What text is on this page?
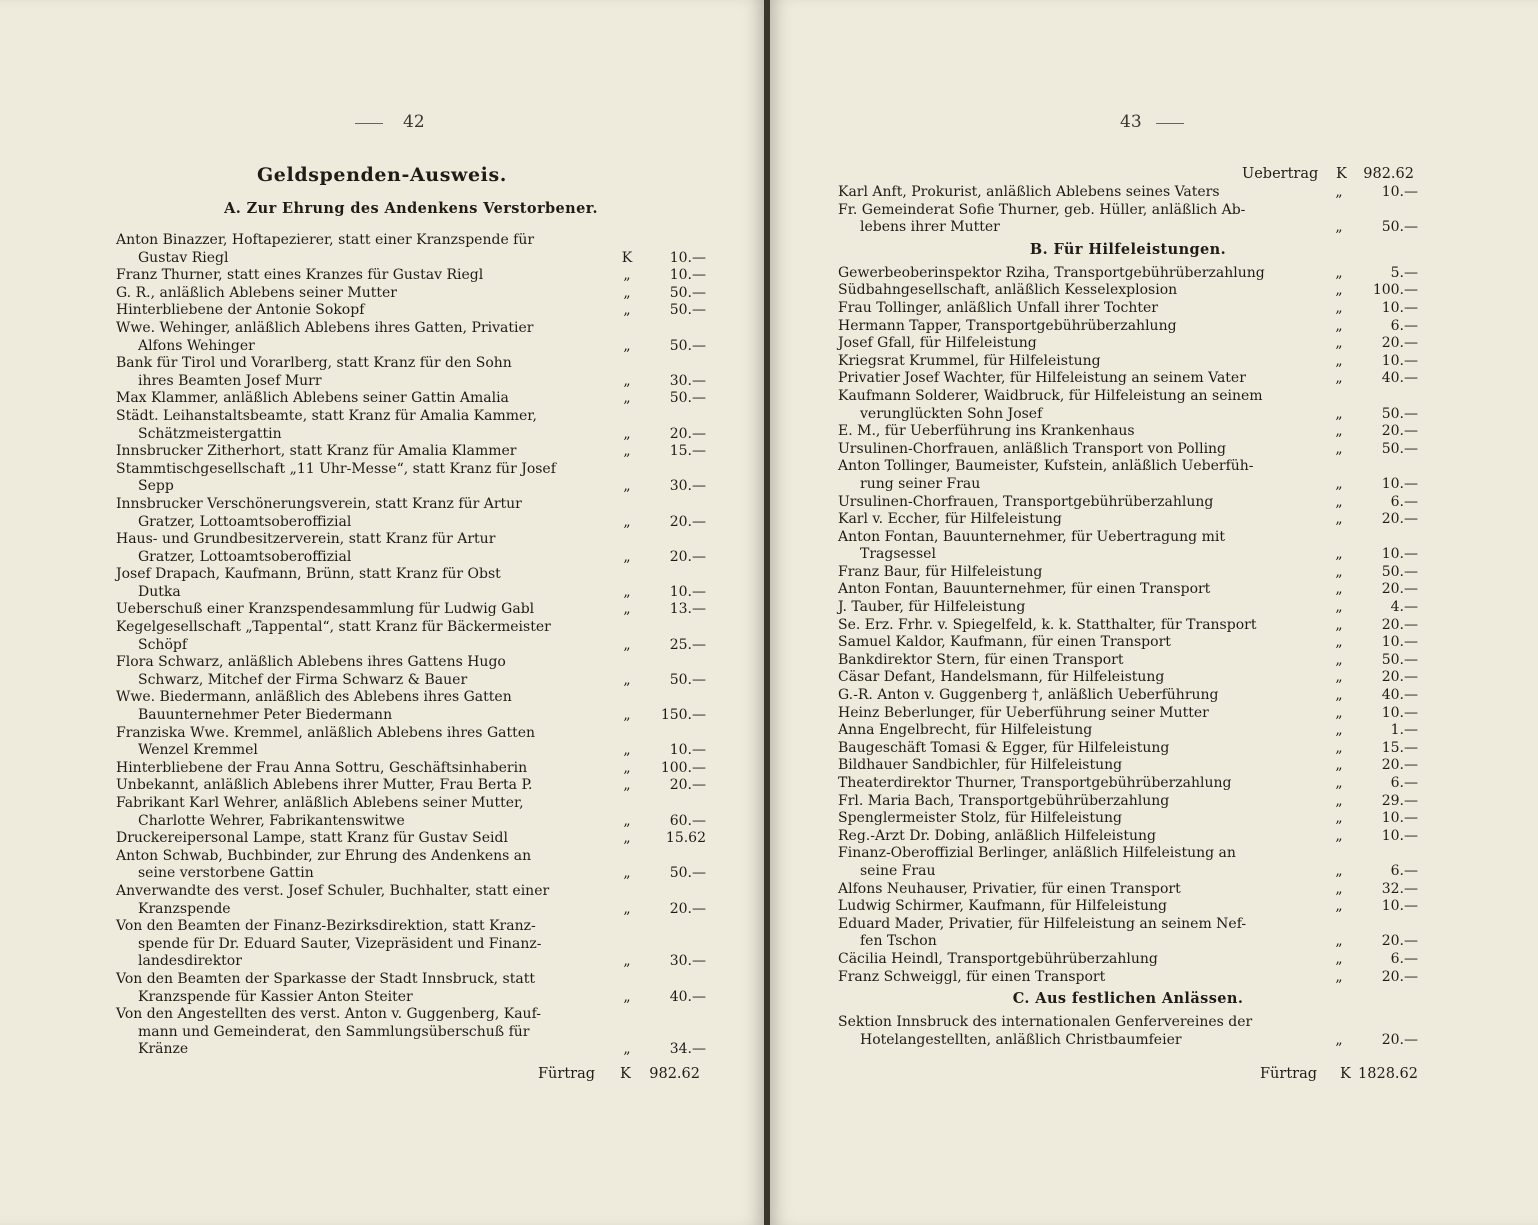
42
Geldspenden-Ausweis.
A. Zur Ehrung des Andenkens Verstorbener.
Anton Binazzer, Hoftapezierer, statt einer Kranzspende für
Gustav Riegl	K	10.—
Franz Thurner, statt eines Kranzes für Gustav Riegl	„	10.—
G. R., anläßlich Ablebens seiner Mutter	„	50.—
Hinterbliebene der Antonie Sokopf	„	50.—
Wwe. Wehinger, anläßlich Ablebens ihres Gatten, Privatier
Alfons Wehinger	„	50.—
Bank für Tirol und Vorarlberg, statt Kranz für den Sohn
ihres Beamten Josef Murr	„	30.—
Max Klammer, anläßlich Ablebens seiner Gattin Amalia	„	50.—
Städt. Leihanstaltsbeamte, statt Kranz für Amalia Kammer,
Schätzmeistergattin	„	20.—
Innsbrucker Zitherhort, statt Kranz für Amalia Klammer	„	15.—
Stammtischgesellschaft „11 Uhr-Messe“, statt Kranz für Josef
Sepp	„	30.—
Innsbrucker Verschönerungsverein, statt Kranz für Artur
Gratzer, Lottoamtsoberoffizial	„	20.—
Haus- und Grundbesitzerverein, statt Kranz für Artur
Gratzer, Lottoamtsoberoffizial	„	20.—
Josef Drapach, Kaufmann, Brünn, statt Kranz für Obst
Dutka	„	10.—
Ueberschuß einer Kranzspendesammlung für Ludwig Gabl	„	13.—
Kegelgesellschaft „Tappental“, statt Kranz für Bäckermeister
Schöpf	„	25.—
Flora Schwarz, anläßlich Ablebens ihres Gattens Hugo
Schwarz, Mitchef der Firma Schwarz & Bauer	„	50.—
Wwe. Biedermann, anläßlich des Ablebens ihres Gatten
Bauunternehmer Peter Biedermann	„	150.—
Franziska Wwe. Kremmel, anläßlich Ablebens ihres Gatten
Wenzel Kremmel	„	10.—
Hinterbliebene der Frau Anna Sottru, Geschäftsinhaberin	„	100.—
Unbekannt, anläßlich Ablebens ihrer Mutter, Frau Berta P.	„	20.—
Fabrikant Karl Wehrer, anläßlich Ablebens seiner Mutter,
Charlotte Wehrer, Fabrikantenswitwe	„	60.—
Druckereipersonal Lampe, statt Kranz für Gustav Seidl	„	15.62
Anton Schwab, Buchbinder, zur Ehrung des Andenkens an
seine verstorbene Gattin	„	50.—
Anverwandte des verst. Josef Schuler, Buchhalter, statt einer
Kranzspende	„	20.—
Von den Beamten der Finanz-Bezirksdirektion, statt Kranz-
spende für Dr. Eduard Sauter, Vizepräsident und Finanz-
landesdirektor	„	30.—
Von den Beamten der Sparkasse der Stadt Innsbruck, statt
Kranzspende für Kassier Anton Steiter	„	40.—
Von den Angestellten des verst. Anton v. Guggenberg, Kauf-
mann und Gemeinderat, den Sammlungsüberschuß für
Kränze	„	34.—
Fürtrag K 982.62
43
Uebertrag K 982.62
Karl Anft, Prokurist, anläßlich Ablebens seines Vaters	„	10.—
Fr. Gemeinderat Sofie Thurner, geb. Hüller, anläßlich Ab-
lebens ihrer Mutter	„	50.—
B. Für Hilfeleistungen.
Gewerbeoberinspektor Rziha, Transportgebührüberzahlung	„	5.—
Südbahngesellschaft, anläßlich Kesselexplosion	„	100.—
Frau Tollinger, anläßlich Unfall ihrer Tochter	„	10.—
Hermann Tapper, Transportgebührüberzahlung	„	6.—
Josef Gfall, für Hilfeleistung	„	20.—
Kriegsrat Krummel, für Hilfeleistung	„	10.—
Privatier Josef Wachter, für Hilfeleistung an seinem Vater	„	40.—
Kaufmann Solderer, Waidbruck, für Hilfeleistung an seinem
verunglückten Sohn Josef	„	50.—
E. M., für Ueberführung ins Krankenhaus	„	20.—
Ursulinen-Chorfrauen, anläßlich Transport von Polling	„	50.—
Anton Tollinger, Baumeister, Kufstein, anläßlich Ueberfüh-
rung seiner Frau	„	10.—
Ursulinen-Chorfrauen, Transportgebührüberzahlung	„	6.—
Karl v. Eccher, für Hilfeleistung	„	20.—
Anton Fontan, Bauunternehmer, für Uebertragung mit
Tragsessel	„	10.—
Franz Baur, für Hilfeleistung	„	50.—
Anton Fontan, Bauunternehmer, für einen Transport	„	20.—
J. Tauber, für Hilfeleistung	„	4.—
Se. Erz. Frhr. v. Spiegelfeld, k. k. Statthalter, für Transport	„	20.—
Samuel Kaldor, Kaufmann, für einen Transport	„	10.—
Bankdirektor Stern, für einen Transport	„	50.—
Cäsar Defant, Handelsmann, für Hilfeleistung	„	20.—
G.-R. Anton v. Guggenberg †, anläßlich Ueberführung	„	40.—
Heinz Beberlunger, für Ueberführung seiner Mutter	„	10.—
Anna Engelbrecht, für Hilfeleistung	„	1.—
Baugeschäft Tomasi & Egger, für Hilfeleistung	„	15.—
Bildhauer Sandbichler, für Hilfeleistung	„	20.—
Theaterdirektor Thurner, Transportgebührüberzahlung	„	6.—
Frl. Maria Bach, Transportgebührüberzahlung	„	29.—
Spenglermeister Stolz, für Hilfeleistung	„	10.—
Reg.-Arzt Dr. Dobing, anläßlich Hilfeleistung	„	10.—
Finanz-Oberoffizial Berlinger, anläßlich Hilfeleistung an
seine Frau	„	6.—
Alfons Neuhauser, Privatier, für einen Transport	„	32.—
Ludwig Schirmer, Kaufmann, für Hilfeleistung	„	10.—
Eduard Mader, Privatier, für Hilfeleistung an seinem Nef-
fen Tschon	„	20.—
Cäcilia Heindl, Transportgebührüberzahlung	„	6.—
Franz Schweiggl, für einen Transport	„	20.—
C. Aus festlichen Anlässen.
Sektion Innsbruck des internationalen Genfervereines der
Hotelangestellten, anläßlich Christbaumfeier	„	20.—
Fürtrag K 1828.62
